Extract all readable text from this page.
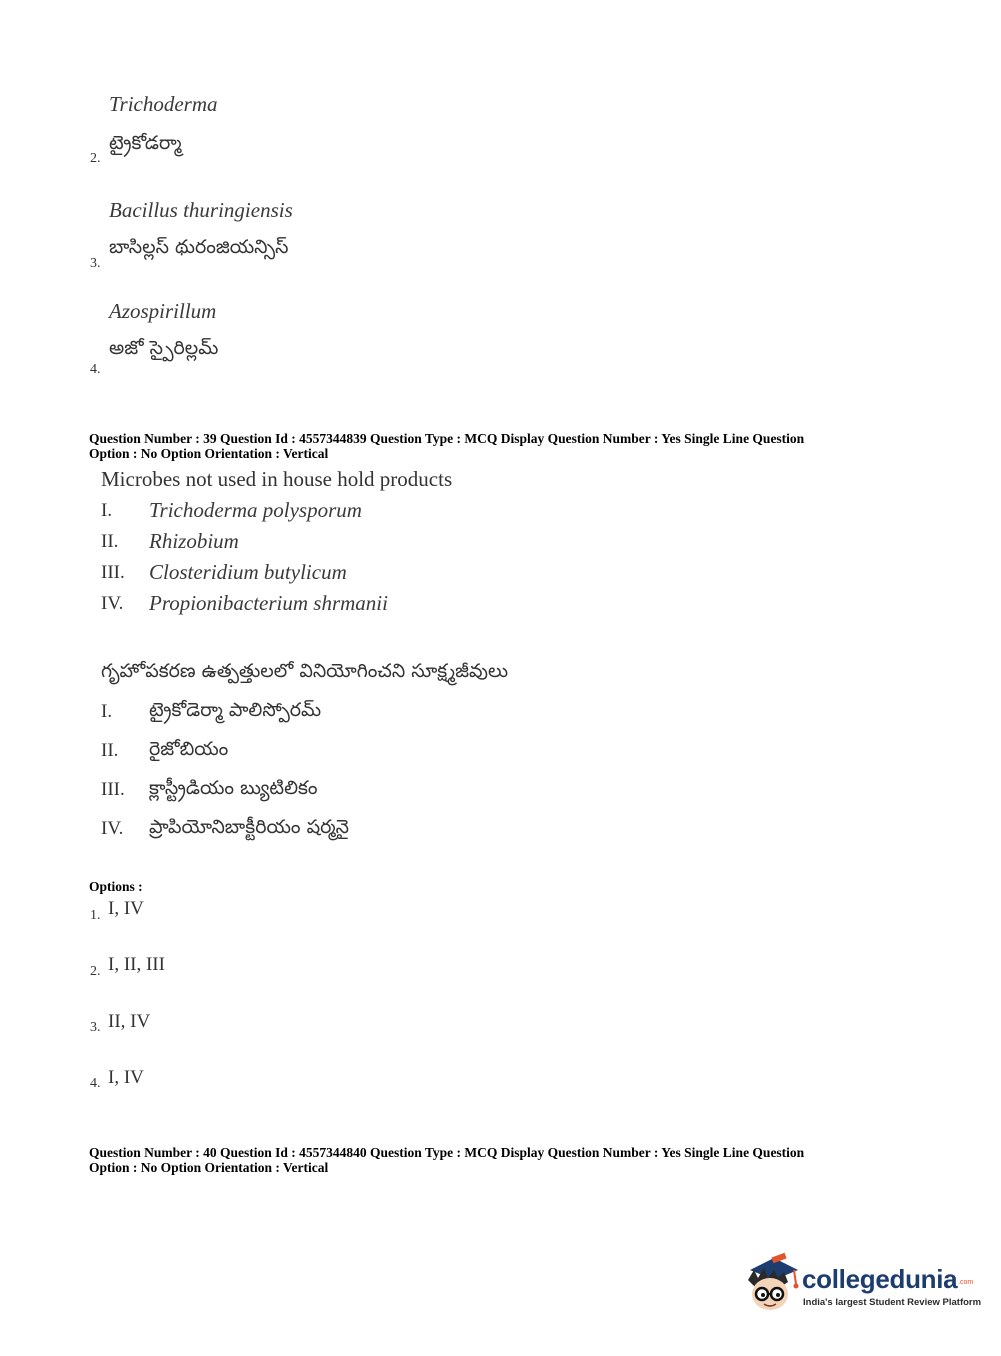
Trichoderma
2.
ట్రైకోడర్మా
Bacillus thuringiensis
3.
బాసిల్లస్ థురంజియన్సిస్
Azospirillum
4.
అజో స్పైరిల్లమ్
Question Number : 39 Question Id : 4557344839 Question Type : MCQ Display Question Number : Yes Single Line Question
Option : No Option Orientation : Vertical
Microbes not used in house hold products
I. Trichoderma polysporum
II. Rhizobium
III. Closteridium butylicum
IV. Propionibacterium shrmanii
గృహోపకరణ ఉత్పత్తులలో వినియోగించని సూక్ష్మజీవులు
I. ట్రైకోడెర్మా పాలిస్పోరమ్
II. రైజోబియం
III. క్లాస్ట్రీడియం బ్యుటిలికం
IV. ప్రాపియోనిబాక్టీరియం షర్మనై
Options :
1. I, IV
2. I, II, III
3. II, IV
4. I, IV
Question Number : 40 Question Id : 4557344840 Question Type : MCQ Display Question Number : Yes Single Line Question
Option : No Option Orientation : Vertical
collegedunia .com
India's largest Student Review Platform
